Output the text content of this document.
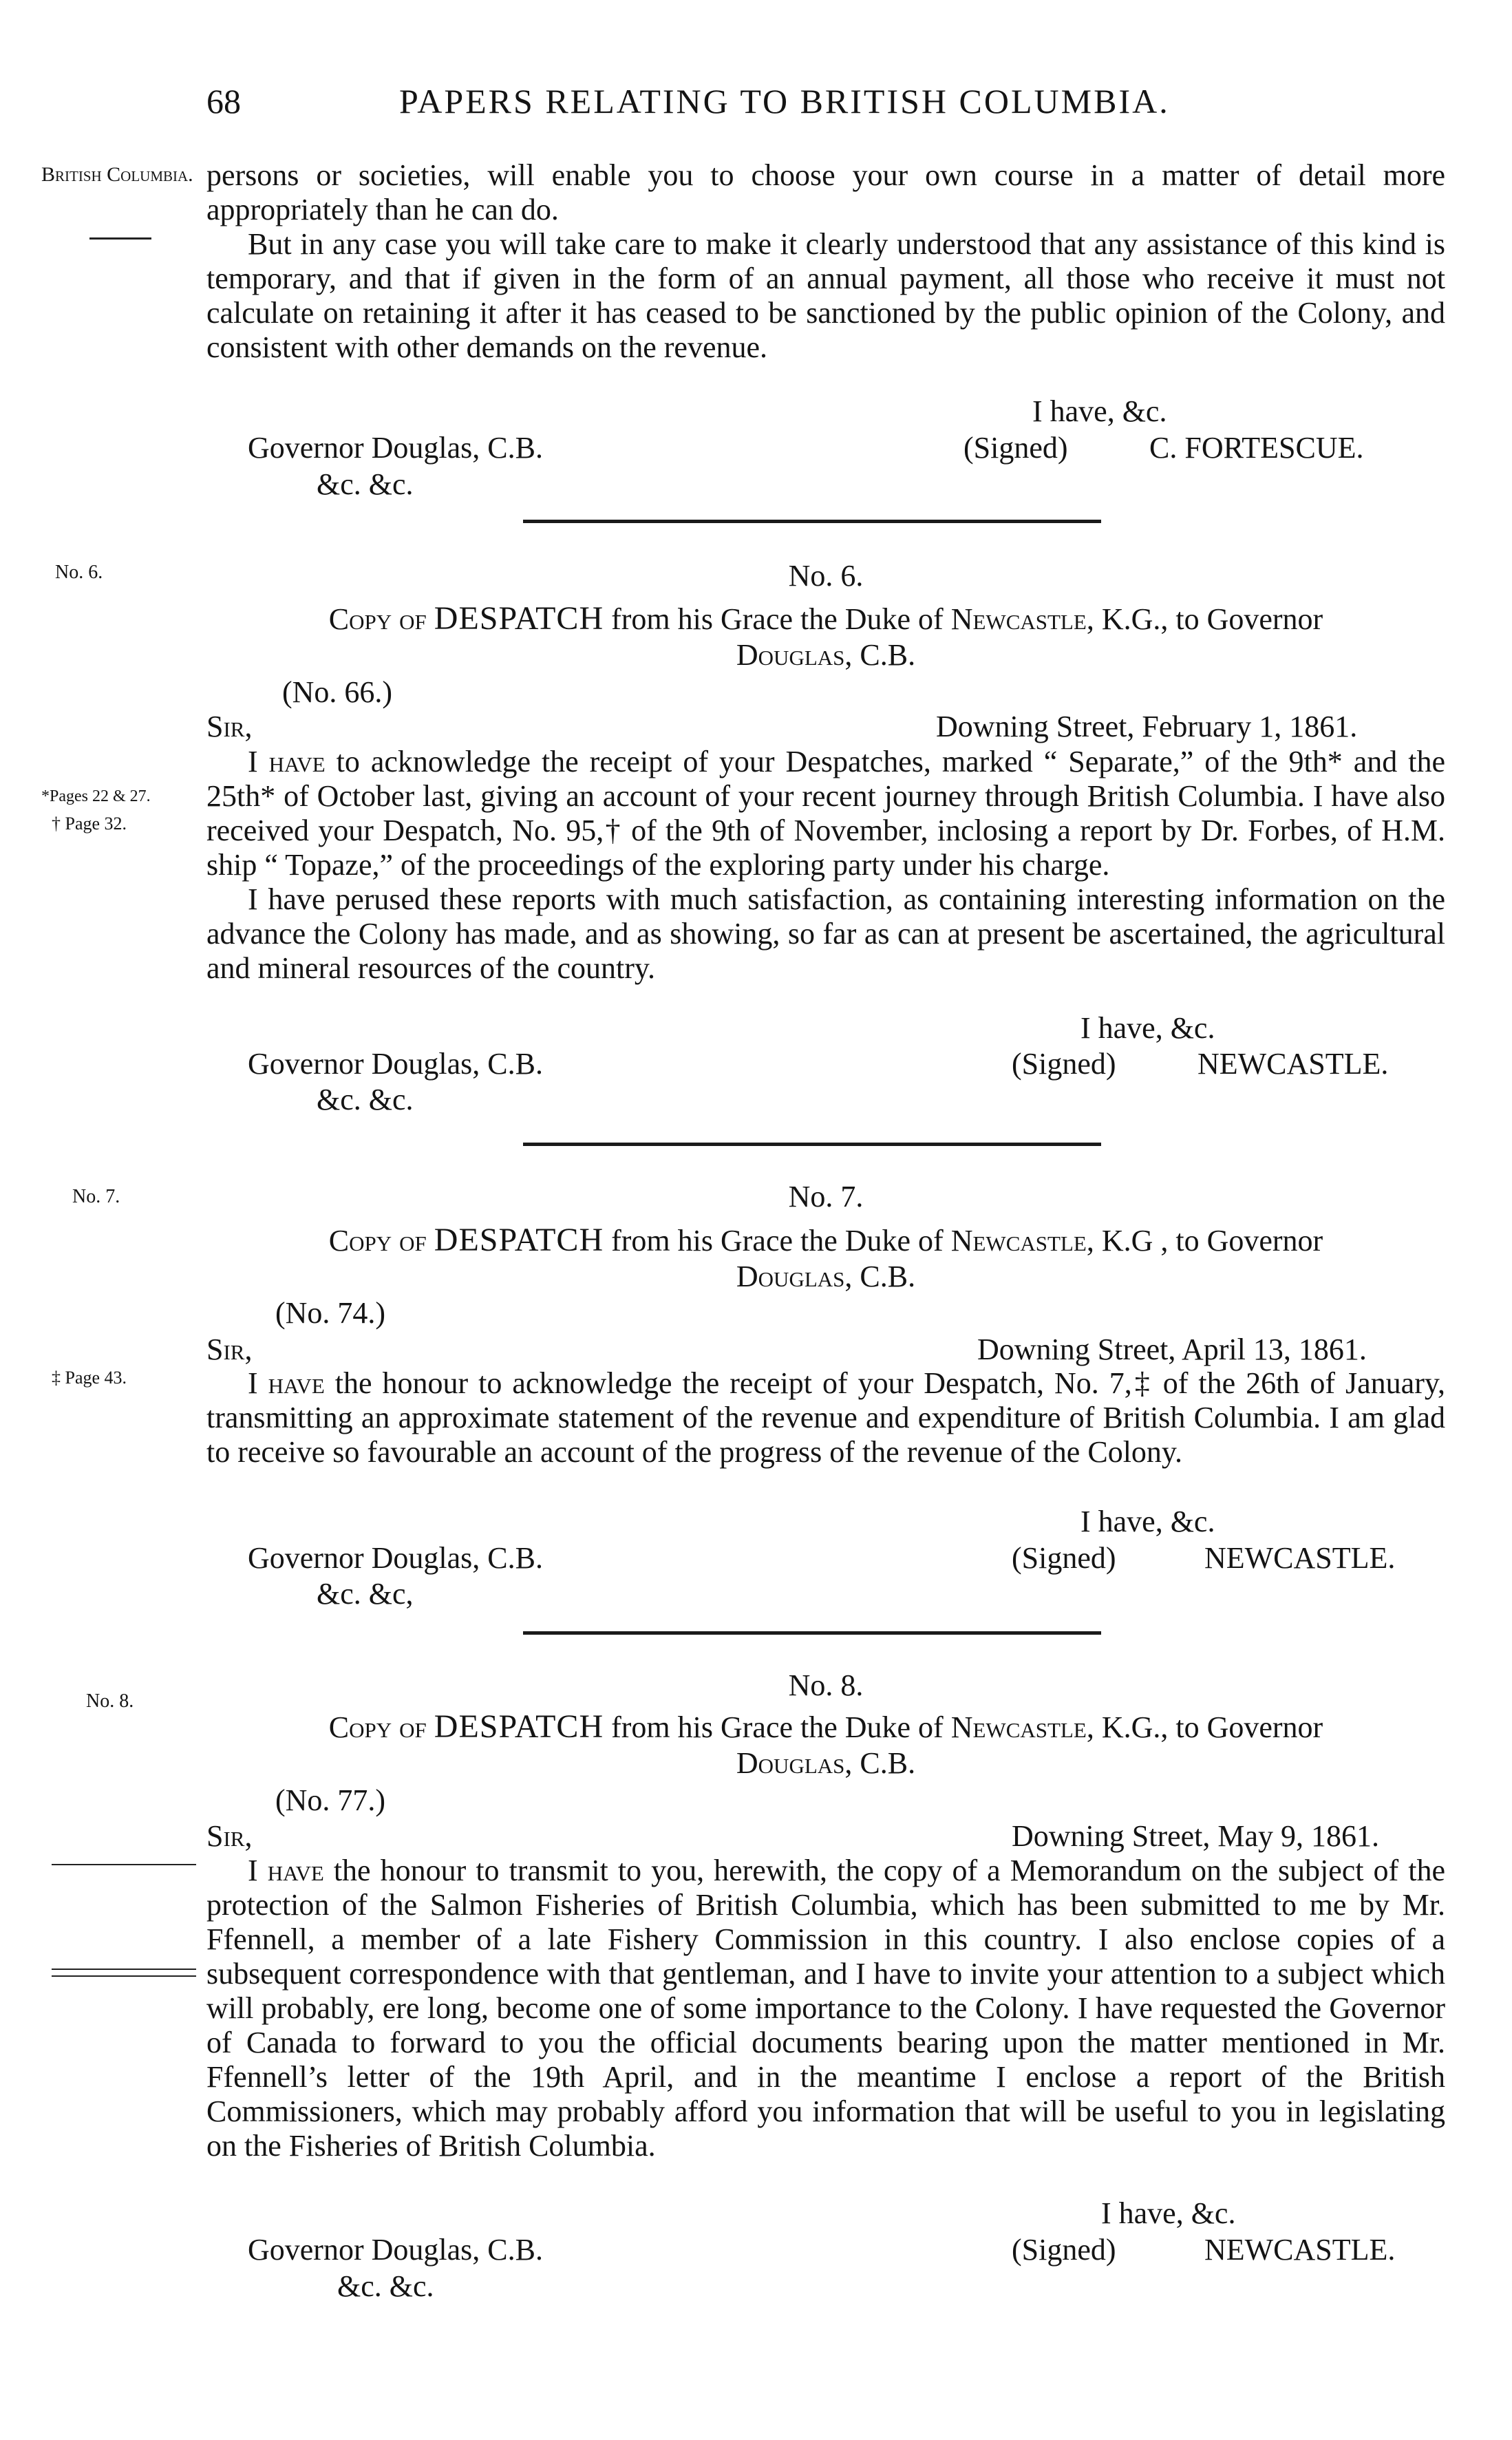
68	PAPERS RELATING TO BRITISH COLUMBIA.
British Columbia.
No. 6.
*Pages 22 & 27.
† Page 32.
No. 7.
‡ Page 43.
No. 8.

persons or societies, will enable you to choose your own course in a matter of detail more appropriately than he can do.

But in any case you will take care to make it clearly understood that any assistance of this kind is temporary, and that if given in the form of an annual payment, all those who receive it must not calculate on retaining it after it has ceased to be sanctioned by the public opinion of the Colony, and consistent with other demands on the revenue.

I have, &c.
Governor Douglas, C.B.	(Signed)	C. FORTESCUE.
&c. &c.
No. 6.
Copy of DESPATCH from his Grace the Duke of Newcastle, K.G., to Governor
Douglas, C.B.
(No. 66.)
Sir,	Downing Street, February 1, 1861.

I have to acknowledge the receipt of your Despatches, marked “ Separate,” of the 9th* and the 25th* of October last, giving an account of your recent journey through British Columbia. I have also received your Despatch, No. 95,† of the 9th of November, inclosing a report by Dr. Forbes, of H.M. ship “ Topaze,” of the proceedings of the exploring party under his charge.

I have perused these reports with much satisfaction, as containing interesting information on the advance the Colony has made, and as showing, so far as can at present be ascertained, the agricultural and mineral resources of the country.

I have, &c.
Governor Douglas, C.B.	(Signed)	NEWCASTLE.
&c. &c.
No. 7.
Copy of DESPATCH from his Grace the Duke of Newcastle, K.G , to Governor
Douglas, C.B.
(No. 74.)
Sir,	Downing Street, April 13, 1861.

I have the honour to acknowledge the receipt of your Despatch, No. 7,‡ of the 26th of January, transmitting an approximate statement of the revenue and expenditure of British Columbia. I am glad to receive so favourable an account of the progress of the revenue of the Colony.

I have, &c.
Governor Douglas, C.B.	(Signed)	NEWCASTLE.
&c. &c,
No. 8.
Copy of DESPATCH from his Grace the Duke of Newcastle, K.G., to Governor
Douglas, C.B.
(No. 77.)
Sir,	Downing Street, May 9, 1861.

I have the honour to transmit to you, herewith, the copy of a Memorandum on the subject of the protection of the Salmon Fisheries of British Columbia, which has been submitted to me by Mr. Ffennell, a member of a late Fishery Commission in this country. I also enclose copies of a subsequent correspondence with that gentleman, and I have to invite your attention to a subject which will probably, ere long, become one of some importance to the Colony. I have requested the Governor of Canada to forward to you the official documents bearing upon the matter mentioned in Mr. Ffennell’s letter of the 19th April, and in the meantime I enclose a report of the British Commissioners, which may probably afford you information that will be useful to you in legislating on the Fisheries of British Columbia.

I have, &c.
Governor Douglas, C.B.	(Signed)	NEWCASTLE.
&c. &c.
